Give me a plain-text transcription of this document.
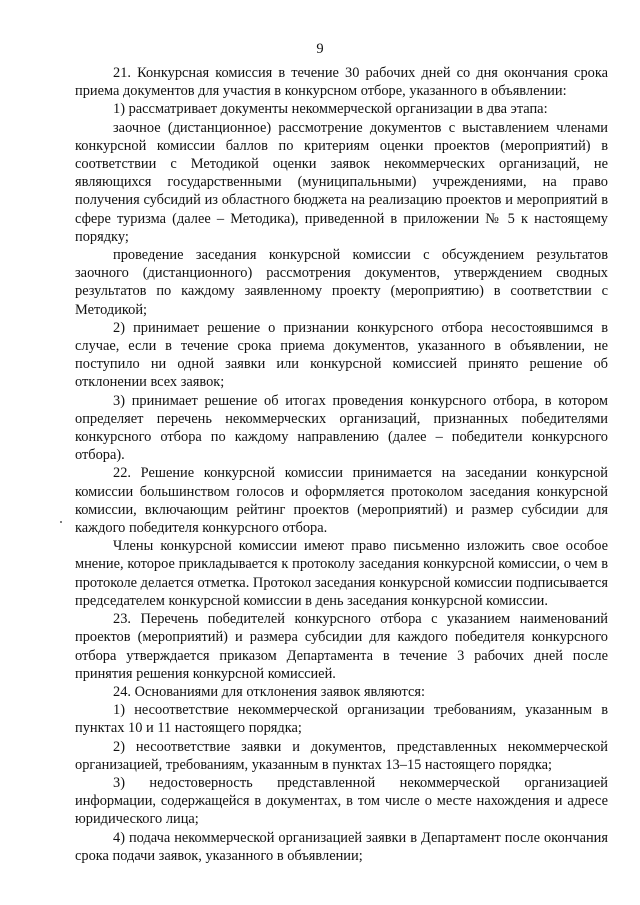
9

21. Конкурсная комиссия в течение 30 рабочих дней со дня окончания срока приема документов для участия в конкурсном отборе, указанного в объявлении:

1) рассматривает документы некоммерческой организации в два этапа:

заочное (дистанционное) рассмотрение документов с выставлением членами конкурсной комиссии баллов по критериям оценки проектов (мероприятий) в соответствии с Методикой оценки заявок некоммерческих организаций, не являющихся государственными (муниципальными) учреждениями, на право получения субсидий из областного бюджета на реализацию проектов и мероприятий в сфере туризма (далее – Методика), приведенной в приложении № 5 к настоящему порядку;

проведение заседания конкурсной комиссии с обсуждением результатов заочного (дистанционного) рассмотрения документов, утверждением сводных результатов по каждому заявленному проекту (мероприятию) в соответствии с Методикой;

2) принимает решение о признании конкурсного отбора несостоявшимся в случае, если в течение срока приема документов, указанного в объявлении, не поступило ни одной заявки или конкурсной комиссией принято решение об отклонении всех заявок;

3) принимает решение об итогах проведения конкурсного отбора, в котором определяет перечень некоммерческих организаций, признанных победителями конкурсного отбора по каждому направлению (далее – победители конкурсного отбора).

22. Решение конкурсной комиссии принимается на заседании конкурсной комиссии большинством голосов и оформляется протоколом заседания конкурсной комиссии, включающим рейтинг проектов (мероприятий) и размер субсидии для каждого победителя конкурсного отбора.

Члены конкурсной комиссии имеют право письменно изложить свое особое мнение, которое прикладывается к протоколу заседания конкурсной комиссии, о чем в протоколе делается отметка. Протокол заседания конкурсной комиссии подписывается председателем конкурсной комиссии в день заседания конкурсной комиссии.

23. Перечень победителей конкурсного отбора с указанием наименований проектов (мероприятий) и размера субсидии для каждого победителя конкурсного отбора утверждается приказом Департамента в течение 3 рабочих дней после принятия решения конкурсной комиссией.

24. Основаниями для отклонения заявок являются:

1) несоответствие некоммерческой организации требованиям, указанным в пунктах 10 и 11 настоящего порядка;

2) несоответствие заявки и документов, представленных некоммерческой организацией, требованиям, указанным в пунктах 13–15 настоящего порядка;

3) недостоверность представленной некоммерческой организацией информации, содержащейся в документах, в том числе о месте нахождения и адресе юридического лица;

4) подача некоммерческой организацией заявки в Департамент после окончания срока подачи заявок, указанного в объявлении;
